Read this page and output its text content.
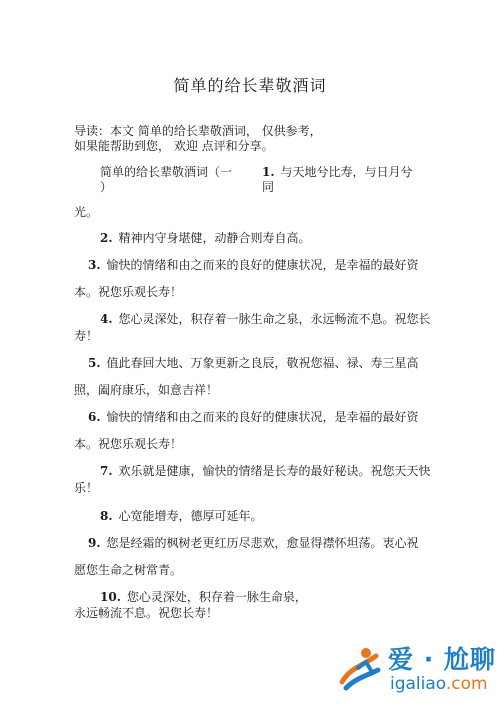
简单的给长辈敬酒词
导读：本文 简单的给长辈敬酒词， 仅供参考，
如果能帮助到您， 欢迎 点评和分享。
简单的给长辈敬酒词（一
）
1. 与天地兮比寿，与日月兮
同
光。
2. 精神内守身堪健，动静合则寿自高。
3. 愉快的情绪和由之而来的良好的健康状况，是幸福的最好资
本。祝您乐观长寿！
4. 您心灵深处，积存着一脉生命之泉，永远畅流不息。祝您长
寿！
5. 值此春回大地、万象更新之良辰，敬祝您福、禄、寿三星高
照，阖府康乐，如意吉祥！
6. 愉快的情绪和由之而来的良好的健康状况，是幸福的最好资
本。祝您乐观长寿！
7. 欢乐就是健康，愉快的情绪是长寿的最好秘诀。祝您天天快
乐！
8. 心宽能增寿，德厚可延年。
9. 您是经霜的枫树老更红历尽悲欢，愈显得襟怀坦荡。衷心祝
愿您生命之树常青。
10. 您心灵深处，积存着一脉生命泉，
永远畅流不息。祝您长寿！
爱 · 尬聊
igaliao.com
